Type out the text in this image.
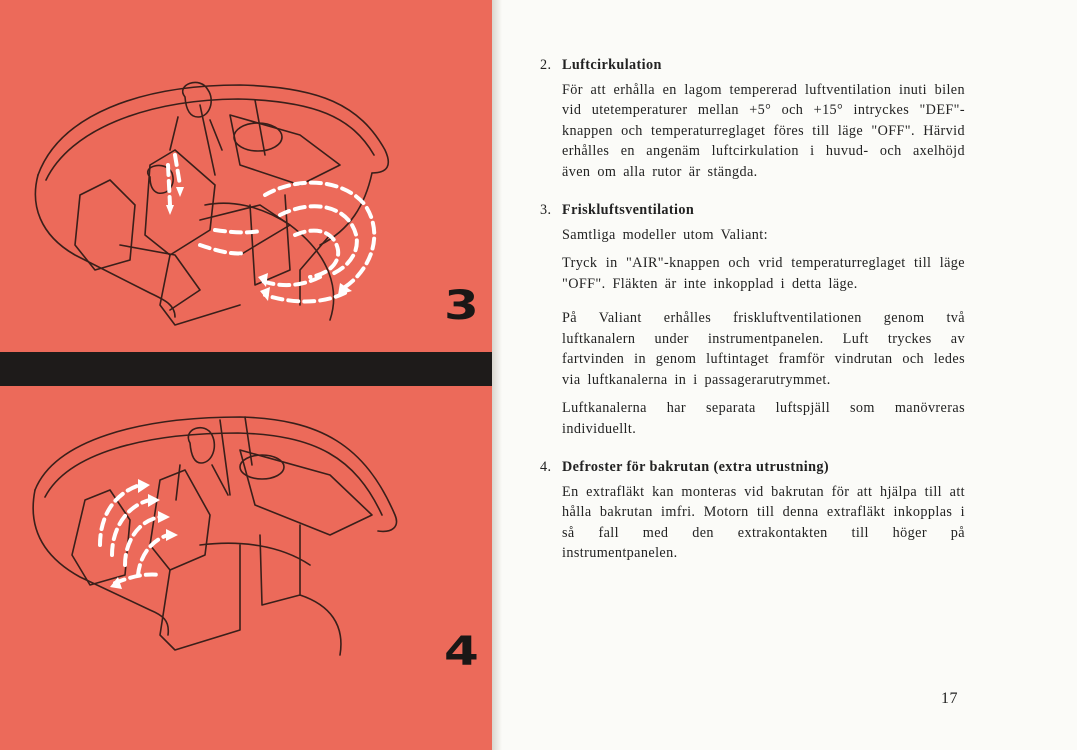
3
4
2. Luftcirkulation

För att erhålla en lagom tempererad luftventilation inuti bilen vid utetemperaturer mellan +5° och +15° intryckes "DEF"-knappen och temperaturreglaget föres till läge "OFF". Härvid erhålles en angenäm luftcirkulation i huvud- och axelhöjd även om alla rutor är stängda.

3. Friskluftsventilation

Samtliga modeller utom Valiant:

Tryck in "AIR"-knappen och vrid temperaturreglaget till läge "OFF". Fläkten är inte inkopplad i detta läge.

På Valiant erhålles friskluftventilationen genom två luftkanalern under instrumentpanelen. Luft tryckes av fartvinden in genom luftintaget framför vindrutan och ledes via luftkanalerna in i passagerarutrymmet.

Luftkanalerna har separata luftspjäll som manövreras individuellt.

4. Defroster för bakrutan (extra utrustning)

En extrafläkt kan monteras vid bakrutan för att hjälpa till att hålla bakrutan imfri. Motorn till denna extrafläkt inkopplas i så fall med den extrakontakten till höger på instrumentpanelen.

17
